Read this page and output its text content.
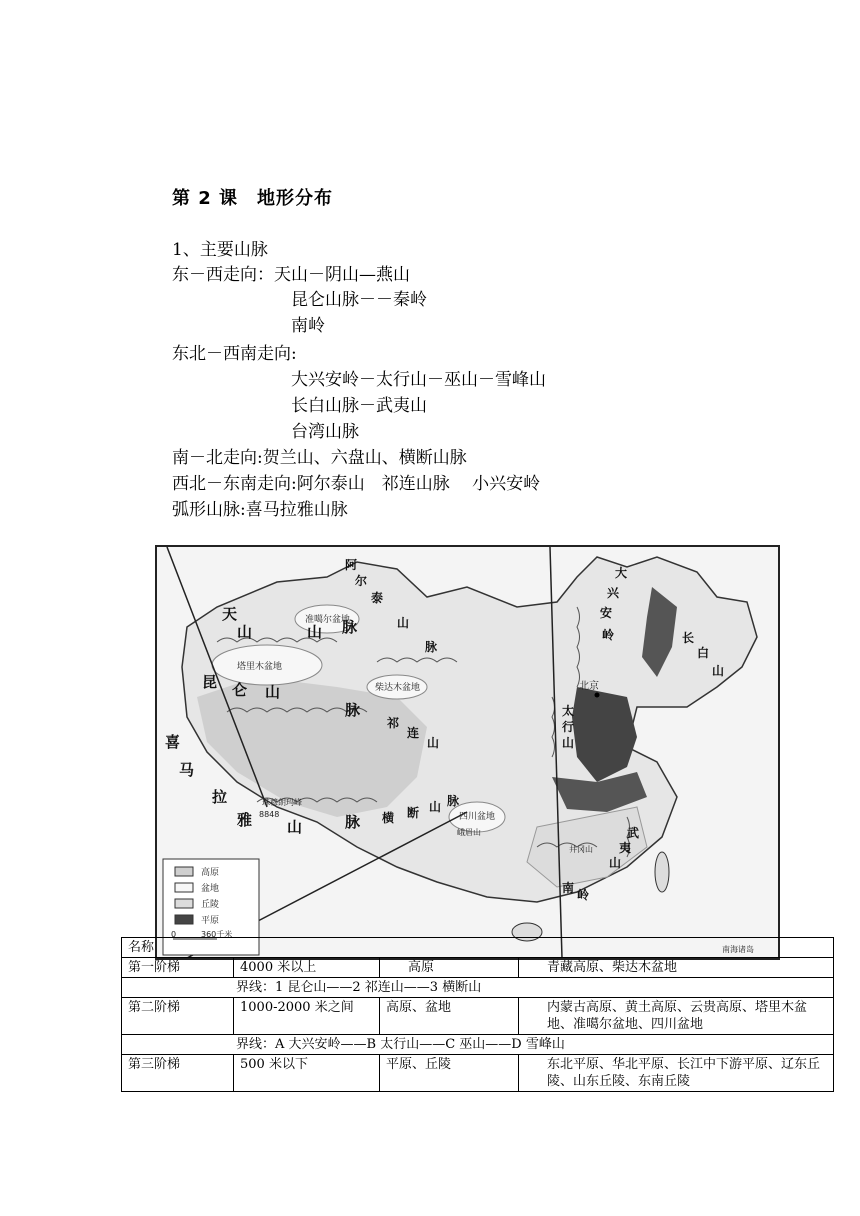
第 2 课　地形分布
1、主要山脉
东－西走向：天山－阴山—燕山
昆仑山脉－－秦岭
南岭
东北－西南走向:
大兴安岭－太行山－巫山－雪峰山
长白山脉－武夷山
台湾山脉
南－北走向:贺兰山、六盘山、横断山脉
西北－东南走向:阿尔泰山　祁连山脉　 小兴安岭
弧形山脉:喜马拉雅山脉
天
山	山 脉
昆 仑 山
脉
喜
马
拉
雅 山	脉
阿
尔
泰
山
脉
大
兴
安
岭	长
白
山
太
行
山
武
夷
山
南 岭
祁
连
山
横 断 山 脉
塔里木盆地
准噶尔盆地
柴达木盆地
四川盆地
北京
珠穆朗玛峰
8848
峨眉山
井冈山
南海诸岛
高原
盆地
丘陵
平原
0	360千米
名称			
第一阶梯	4000 米以上	高原	青藏高原、柴达木盆地
界线：1 昆仑山——2 祁连山——3 横断山			
第二阶梯	1000-2000 米之间	高原、盆地	内蒙古高原、黄土高原、云贵高原、塔里木盆地、准噶尔盆地、四川盆地
界线：A 大兴安岭——B 太行山——C 巫山——D 雪峰山			
第三阶梯	500 米以下	平原、丘陵	东北平原、华北平原、长江中下游平原、辽东丘陵、山东丘陵、东南丘陵
